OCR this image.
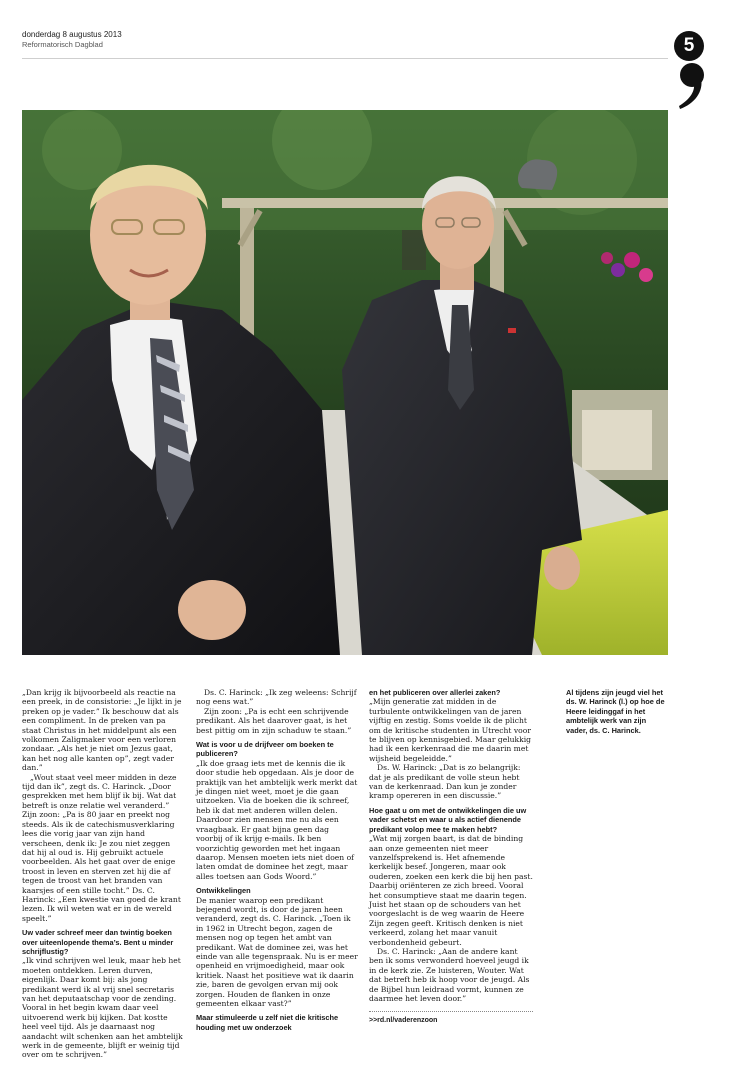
donderdag 8 augustus 2013
Reformatorisch Dagblad	5

„Dan krijg ik bijvoorbeeld als reactie na een preek, in de consistorie: „Je lijkt in je preken op je vader.” Ik beschouw dat als een compliment. In de preken van pa staat Christus in het middelpunt als een volkomen Zaligmaker voor een verloren zondaar. „Als het je niet om Jezus gaat, kan het nog alle kanten op”, zegt vader dan.”

„Wout staat veel meer midden in deze tijd dan ik”, zegt ds. C. Harinck. „Door gesprekken met hem blijf ik bij. Wat dat betreft is onze relatie wel veranderd.” Zijn zoon: „Pa is 80 jaar en preekt nog steeds. Als ik de catechismusverklaring lees die vorig jaar van zijn hand verscheen, denk ik: Je zou niet zeggen dat hij al oud is. Hij gebruikt actuele voorbeelden. Als het gaat over de enige troost in leven en sterven zet hij die af tegen de troost van het branden van kaarsjes of een stille tocht.” Ds. C. Harinck: „Een kwestie van goed de krant lezen. Ik wil weten wat er in de wereld speelt.”

Uw vader schreef meer dan twintig boeken over uiteenlopende thema’s. Bent u minder schrijflustig?

„Ik vind schrijven wel leuk, maar heb het moeten ontdekken. Leren durven, eigenlijk. Daar komt bij: als jong predikant werd ik al vrij snel secretaris van het deputaatschap voor de zending. Vooral in het begin kwam daar veel uitvoerend werk bij kijken. Dat kostte heel veel tijd. Als je daarnaast nog aandacht wilt schenken aan het ambtelijk werk in de gemeente, blijft er weinig tijd over om te schrijven.”

Ds. C. Harinck: „Ik zeg weleens: Schrijf nog eens wat.”

Zijn zoon: „Pa is echt een schrijvende predikant. Als het daarover gaat, is het best pittig om in zijn schaduw te staan.”

Wat is voor u de drijfveer om boeken te publiceren?

„Ik doe graag iets met de kennis die ik door studie heb opgedaan. Als je door de praktijk van het ambtelijk werk merkt dat je dingen niet weet, moet je die gaan uitzoeken. Via de boeken die ik schreef, heb ik dat met anderen willen delen. Daardoor zien mensen me nu als een vraagbaak. Er gaat bijna geen dag voorbij of ik krijg e-mails. Ik ben voorzichtig geworden met het ingaan daarop. Mensen moeten iets niet doen of laten omdat de dominee het zegt, maar alles toetsen aan Gods Woord.”

Ontwikkelingen

De manier waarop een predikant bejegend wordt, is door de jaren heen veranderd, zegt ds. C. Harinck. „Toen ik in 1962 in Utrecht begon, zagen de mensen nog op tegen het ambt van predikant. Wat de dominee zei, was het einde van alle tegenspraak. Nu is er meer openheid en vrijmoedigheid, maar ook kritiek. Naast het positieve wat ik daarin zie, baren de gevolgen ervan mij ook zorgen. Houden de flanken in onze gemeenten elkaar vast?”

Maar stimuleerde u zelf niet die kritische houding met uw onderzoek

en het publiceren over allerlei zaken?

„Mijn generatie zat midden in de turbulente ontwikkelingen van de jaren vijftig en zestig. Soms voelde ik de plicht om de kritische studenten in Utrecht voor te blijven op kennisgebied. Maar gelukkig had ik een kerkenraad die me daarin met wijsheid begeleidde.”

Ds. W. Harinck: „Dat is zo belangrijk: dat je als predikant de volle steun hebt van de kerkenraad. Dan kun je zonder kramp opereren in een discussie.”

Hoe gaat u om met de ontwikkelingen die uw vader schetst en waar u als actief dienende predikant volop mee te maken hebt?

„Wat mij zorgen baart, is dat de binding aan onze gemeenten niet meer vanzelfsprekend is. Het afnemende kerkelijk besef. Jongeren, maar ook ouderen, zoeken een kerk die bij hen past. Daarbij oriënteren ze zich breed. Vooral het consumptieve staat me daarin tegen. Juist het staan op de schouders van het voorgeslacht is de weg waarin de Heere Zijn zegen geeft. Kritisch denken is niet verkeerd, zolang het maar vanuit verbondenheid gebeurt.

Ds. C. Harinck: „Aan de andere kant ben ik soms verwonderd hoeveel jeugd ik in de kerk zie. Ze luisteren, Wouter. Wat dat betreft heb ik hoop voor de jeugd. Als de Bijbel hun leidraad vormt, kunnen ze daarmee het leven door.”

>>rd.nl/vaderenzoon
Al tijdens zijn jeugd viel het ds. W. Harinck (l.) op hoe de Heere leidinggaf in het ambtelijk werk van zijn vader, ds. C. Harinck.
